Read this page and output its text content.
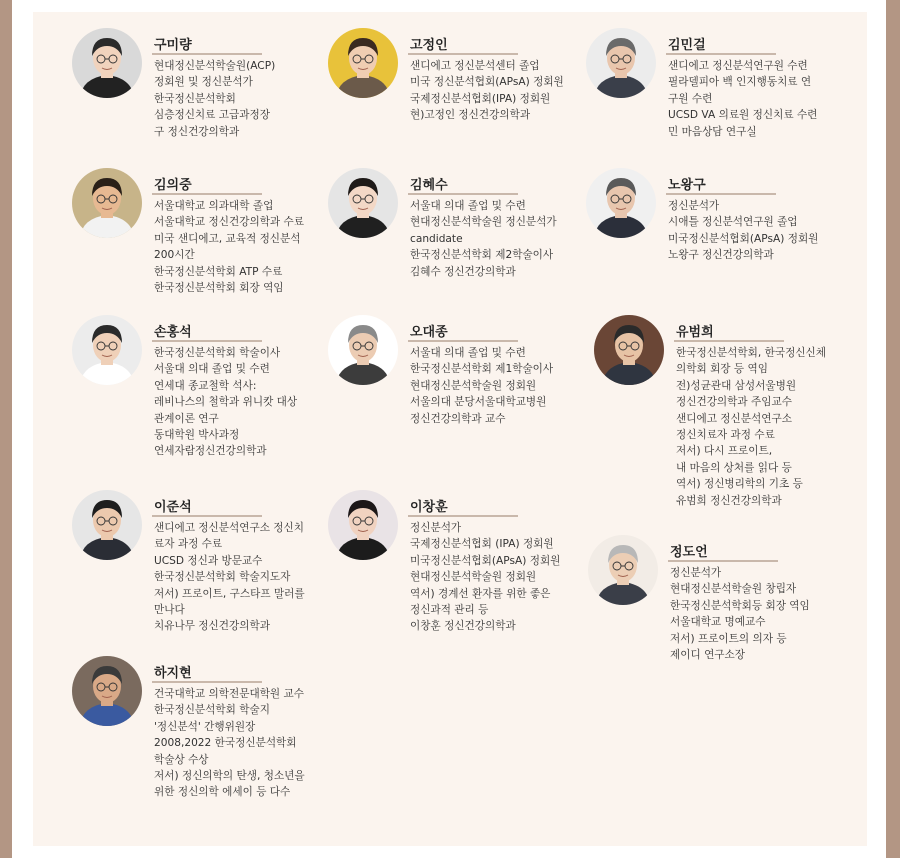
구미량
현대정신분석학술원(ACP)
정회원 및 정신분석가
한국정신분석학회
심층정신치료 고급과정장
구 정신건강의학과
고정인
샌디에고 정신분석센터 졸업
미국 정신분석협회(APsA) 정회원
국제정신분석협회(IPA) 정회원
현)고정인 정신건강의학과
김민걸
샌디에고 정신분석연구원 수련
필라델피아 백 인지행동치료 연
구원 수련
UCSD VA 의료원 정신치료 수련
민 마음상담 연구실
김의중
서울대학교 의과대학 졸업
서울대학교 정신건강의학과 수료
미국 샌디에고, 교육적 정신분석
200시간
한국정신분석학회 ATP 수료
한국정신분석학회 회장 역임
김혜수
서울대 의대 졸업 및 수련
현대정신분석학술원 정신분석가
candidate
한국정신분석학회 제2학술이사
김혜수 정신건강의학과
노왕구
정신분석가
시애틀 정신분석연구원 졸업
미국정신분석협회(APsA) 정회원
노왕구 정신건강의학과
손홍석
한국정신분석학회 학술이사
서울대 의대 졸업 및 수련
연세대 종교철학 석사:
레비나스의 철학과 위니캇 대상
관계이론 연구
동대학원 박사과정
연세자람정신건강의학과
오대종
서울대 의대 졸업 및 수련
한국정신분석학회 제1학술이사
현대정신분석학술원 정회원
서울의대 분당서울대학교병원
정신건강의학과 교수
유범희
한국정신분석학회, 한국정신신체
의학회 회장 등 역임
전)성균관대 삼성서울병원
정신건강의학과 주임교수
샌디에고 정신분석연구소
정신치료자 과정 수료
저서) 다시 프로이트,
내 마음의 상처를 읽다 등
역서) 정신병리학의 기초 등
유범희 정신건강의학과
이준석
샌디에고 정신분석연구소 정신치
료자 과정 수료
UCSD 정신과 방문교수
한국정신분석학회 학술지도자
저서) 프로이트, 구스타프 말러를
만나다
치유나무 정신건강의학과
이창훈
정신분석가
국제정신분석협회 (IPA) 정회원
미국정신분석협회(APsA) 정회원
현대정신분석학술원 정회원
역서) 경계선 환자를 위한 좋은
정신과적 관리 등
이창훈 정신건강의학과
정도언
정신분석가
현대정신분석학술원 창립자
한국정신분석학회등 회장 역임
서울대학교 명예교수
저서) 프로이트의 의자 등
제이디 연구소장
하지현
건국대학교 의학전문대학원 교수
한국정신분석학회 학술지
'정신분석' 간행위원장
2008,2022 한국정신분석학회
학술상 수상
저서) 정신의학의 탄생, 청소년을
위한 정신의학 에세이 등 다수
